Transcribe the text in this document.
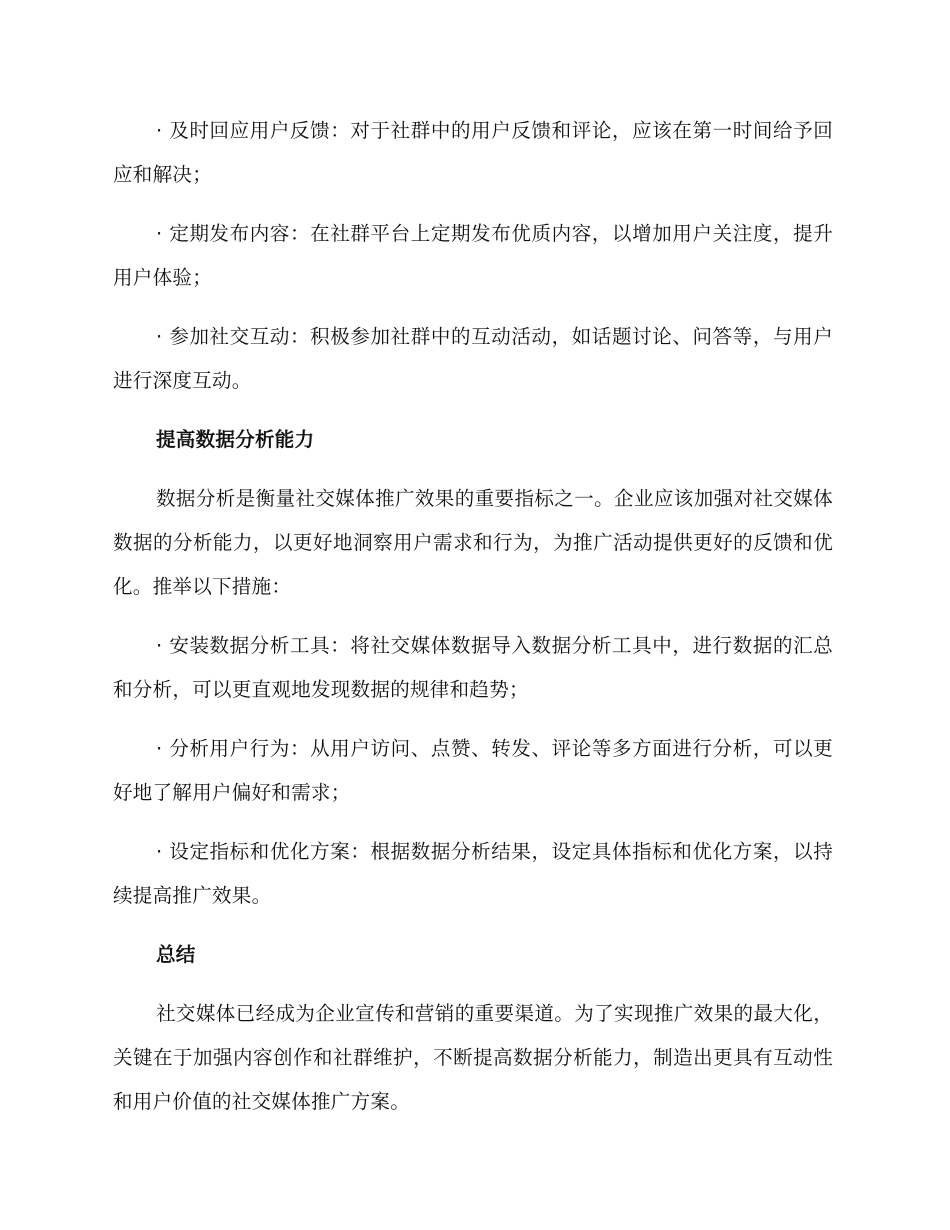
· 及时回应用户反馈：对于社群中的用户反馈和评论，应该在第一时间给予回应和解决；

· 定期发布内容：在社群平台上定期发布优质内容，以增加用户关注度，提升用户体验；

· 参加社交互动：积极参加社群中的互动活动，如话题讨论、问答等，与用户进行深度互动。

提高数据分析能力

数据分析是衡量社交媒体推广效果的重要指标之一。企业应该加强对社交媒体数据的分析能力，以更好地洞察用户需求和行为，为推广活动提供更好的反馈和优化。推举以下措施：

· 安装数据分析工具：将社交媒体数据导入数据分析工具中，进行数据的汇总和分析，可以更直观地发现数据的规律和趋势；

· 分析用户行为：从用户访问、点赞、转发、评论等多方面进行分析，可以更好地了解用户偏好和需求；

· 设定指标和优化方案：根据数据分析结果，设定具体指标和优化方案，以持续提高推广效果。

总结

社交媒体已经成为企业宣传和营销的重要渠道。为了实现推广效果的最大化，关键在于加强内容创作和社群维护，不断提高数据分析能力，制造出更具有互动性和用户价值的社交媒体推广方案。
